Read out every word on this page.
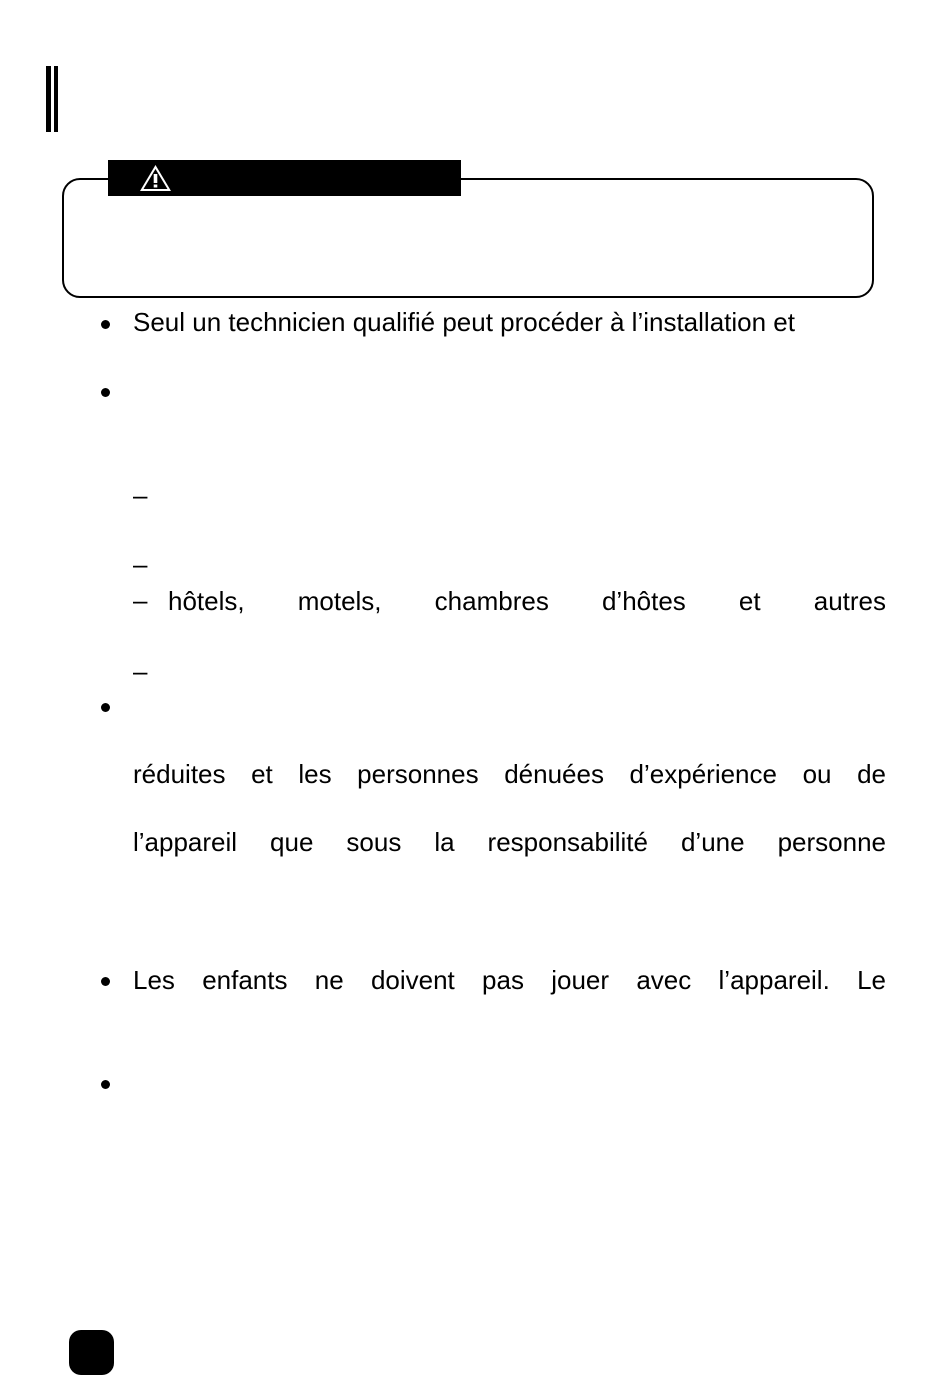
Seul un technicien qualifié peut procéder à l’installation et
–
–
– hôtels, motels, chambres d’hôtes et autres
–
réduites et les personnes dénuées d’expérience ou de
l’appareil que sous la responsabilité d’une personne
Les enfants ne doivent pas jouer avec l’appareil. Le
